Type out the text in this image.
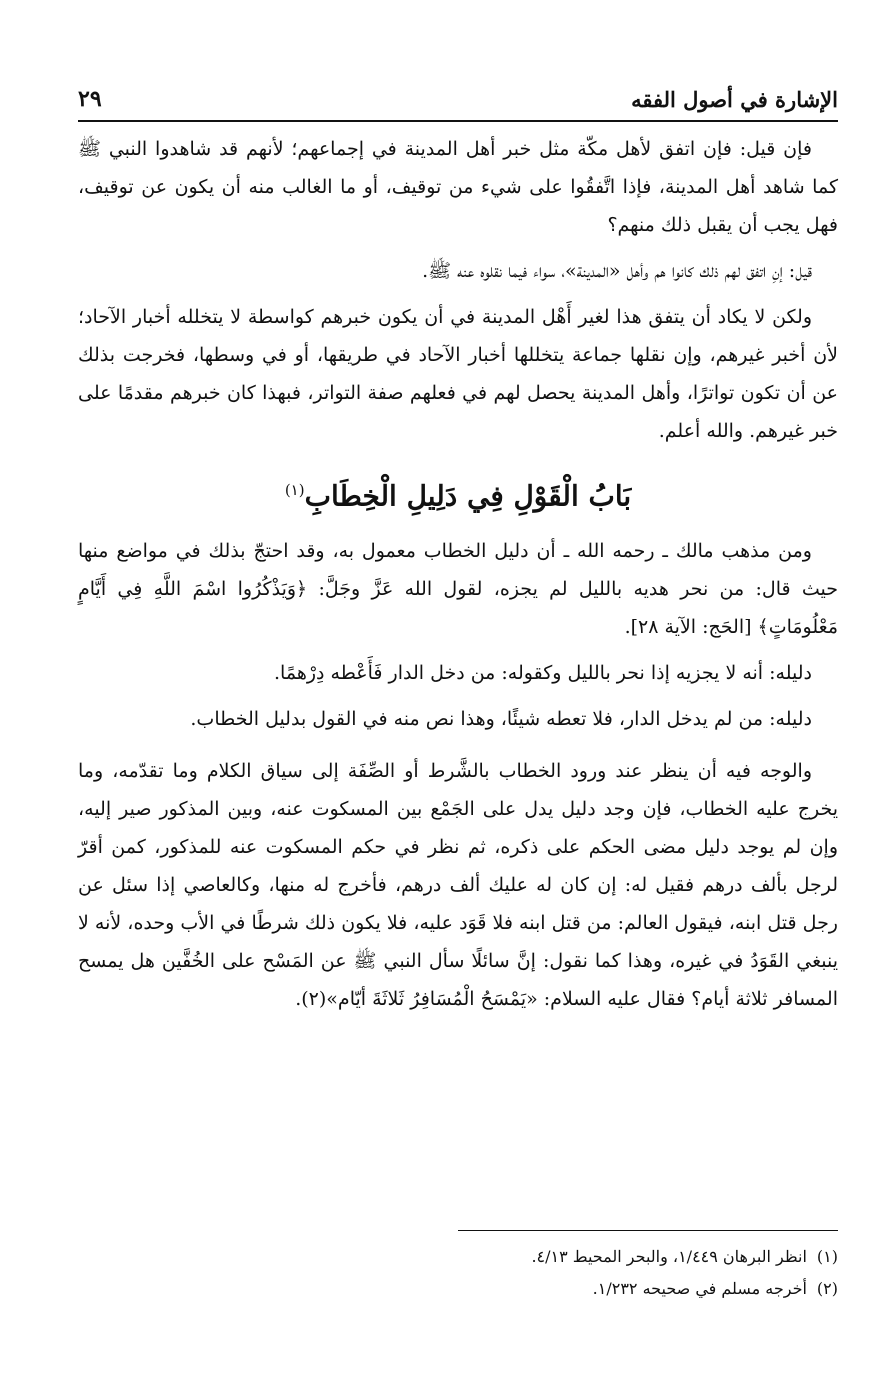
الإشارة في أصول الفقه
٢٩

فإن قيل: فإن اتفق لأهل مكّة مثل خبر أهل المدينة في إجماعهم؛ لأنهم قد شاهدوا النبي ﷺ كما شاهد أهل المدينة، فإذا اتَّفقُوا على شيء من توقيف، أو ما الغالب منه أن يكون عن توقيف، فهل يجب أن يقبل ذلك منهم؟

قيل: إنِ اتفق لهم ذلك كانوا هم وأهل «المدينة»، سواء فيما نقلوه عنه ﷺ.

ولكن لا يكاد أن يتفق هذا لغير أَهْل المدينة في أن يكون خبرهم كواسطة لا يتخلله أخبار الآحاد؛ لأن أخبر غيرهم، وإن نقلها جماعة يتخللها أخبار الآحاد في طريقها، أو في وسطها، فخرجت بذلك عن أن تكون تواترًا، وأهل المدينة يحصل لهم في فعلهم صفة التواتر، فبهذا كان خبرهم مقدمًا على خبر غيرهم. والله أعلم.

بَابُ الْقَوْلِ فِي دَلِيلِ الْخِطَابِ$^{(١)}$

ومن مذهب مالك ـ رحمه الله ـ أن دليل الخطاب معمول به، وقد احتجّ بذلك في مواضع منها حيث قال: من نحر هديه بالليل لم يجزه، لقول الله عَزَّ وجَلَّ: ﴿وَيَذْكُرُوا اسْمَ اللَّهِ فِي أَيَّامٍ مَعْلُومَاتٍ﴾ [الحَج: الآية ٢٨].

دليله: أنه لا يجزيه إذا نحر بالليل وكقوله: من دخل الدار فَأَعْطه دِرْهمًا.

دليله: من لم يدخل الدار، فلا تعطه شيئًا، وهذا نص منه في القول بدليل الخطاب.

والوجه فيه أن ينظر عند ورود الخطاب بالشَّرط أو الصِّفَة إلى سياق الكلام وما تقدّمه، وما يخرج عليه الخطاب، فإن وجد دليل يدل على الجَمْع بين المسكوت عنه، وبين المذكور صير إليه، وإن لم يوجد دليل مضى الحكم على ذكره، ثم نظر في حكم المسكوت عنه للمذكور، كمن أقرّ لرجل بألف درهم فقيل له: إن كان له عليك ألف درهم، فأخرج له منها، وكالعاصي إذا سئل عن رجل قتل ابنه، فيقول العالم: من قتل ابنه فلا قَوَد عليه، فلا يكون ذلك شرطًا في الأب وحده، لأنه لا ينبغي القَوَدُ في غيره، وهذا كما نقول: إنَّ سائلًا سأل النبي ﷺ عن المَسْح على الخُفَّين هل يمسح المسافر ثلاثة أيام؟ فقال عليه السلام: «يَمْسَحُ الْمُسَافِرُ ثَلاثَةَ أيّام»(٢).

(١)انظر البرهان ١/٤٤٩، والبحر المحيط ٤/١٣.
(٢)أخرجه مسلم في صحيحه ١/٢٣٢.
